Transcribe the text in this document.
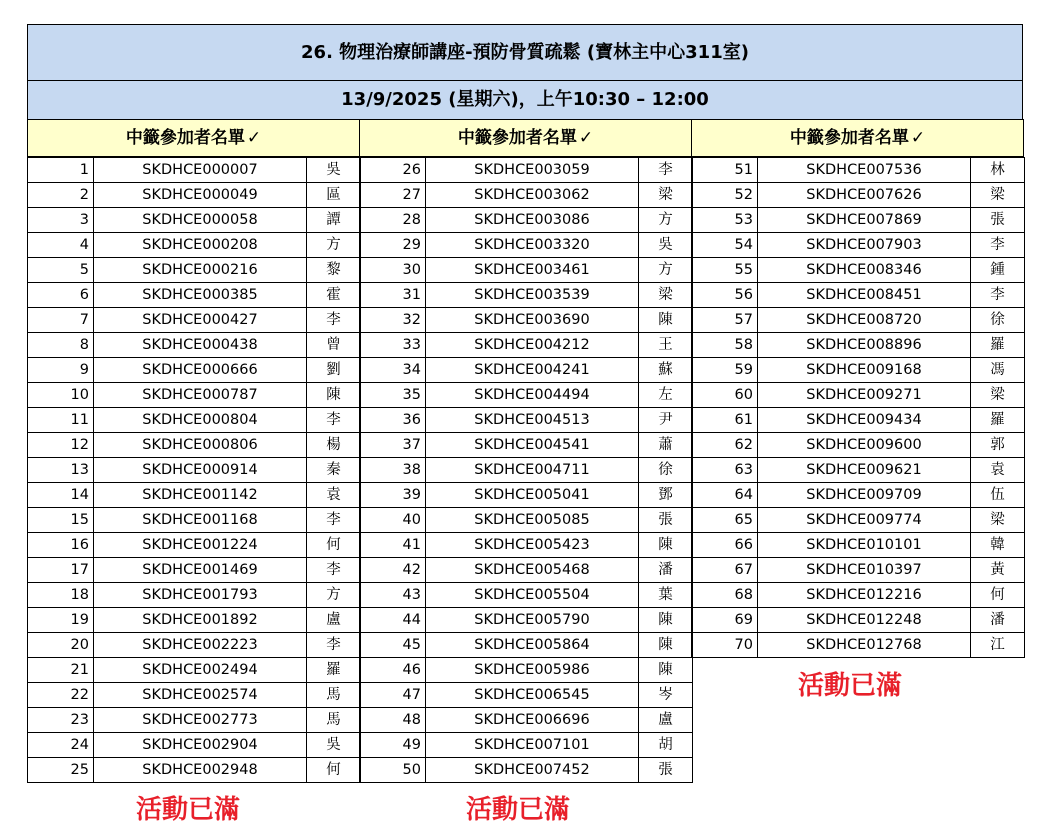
26. 物理治療師講座-預防骨質疏鬆 (寶林主中心311室)
13/9/2025 (星期六)，上午10:30 – 12:00
中籤參加者名單 ✓
1	SKDHCE000007	吳
2	SKDHCE000049	區
3	SKDHCE000058	譚
4	SKDHCE000208	方
5	SKDHCE000216	黎
6	SKDHCE000385	霍
7	SKDHCE000427	李
8	SKDHCE000438	曾
9	SKDHCE000666	劉
10	SKDHCE000787	陳
11	SKDHCE000804	李
12	SKDHCE000806	楊
13	SKDHCE000914	秦
14	SKDHCE001142	袁
15	SKDHCE001168	李
16	SKDHCE001224	何
17	SKDHCE001469	李
18	SKDHCE001793	方
19	SKDHCE001892	盧
20	SKDHCE002223	李
21	SKDHCE002494	羅
22	SKDHCE002574	馬
23	SKDHCE002773	馬
24	SKDHCE002904	吳
25	SKDHCE002948	何
中籤參加者名單 ✓
26	SKDHCE003059	李
27	SKDHCE003062	梁
28	SKDHCE003086	方
29	SKDHCE003320	吳
30	SKDHCE003461	方
31	SKDHCE003539	梁
32	SKDHCE003690	陳
33	SKDHCE004212	王
34	SKDHCE004241	蘇
35	SKDHCE004494	左
36	SKDHCE004513	尹
37	SKDHCE004541	蕭
38	SKDHCE004711	徐
39	SKDHCE005041	鄧
40	SKDHCE005085	張
41	SKDHCE005423	陳
42	SKDHCE005468	潘
43	SKDHCE005504	葉
44	SKDHCE005790	陳
45	SKDHCE005864	陳
46	SKDHCE005986	陳
47	SKDHCE006545	岑
48	SKDHCE006696	盧
49	SKDHCE007101	胡
50	SKDHCE007452	張
中籤參加者名單 ✓
51	SKDHCE007536	林
52	SKDHCE007626	梁
53	SKDHCE007869	張
54	SKDHCE007903	李
55	SKDHCE008346	鍾
56	SKDHCE008451	李
57	SKDHCE008720	徐
58	SKDHCE008896	羅
59	SKDHCE009168	馮
60	SKDHCE009271	梁
61	SKDHCE009434	羅
62	SKDHCE009600	郭
63	SKDHCE009621	袁
64	SKDHCE009709	伍
65	SKDHCE009774	梁
66	SKDHCE010101	韓
67	SKDHCE010397	黃
68	SKDHCE012216	何
69	SKDHCE012248	潘
70	SKDHCE012768	江
活動已滿	活動已滿
活動已滿
